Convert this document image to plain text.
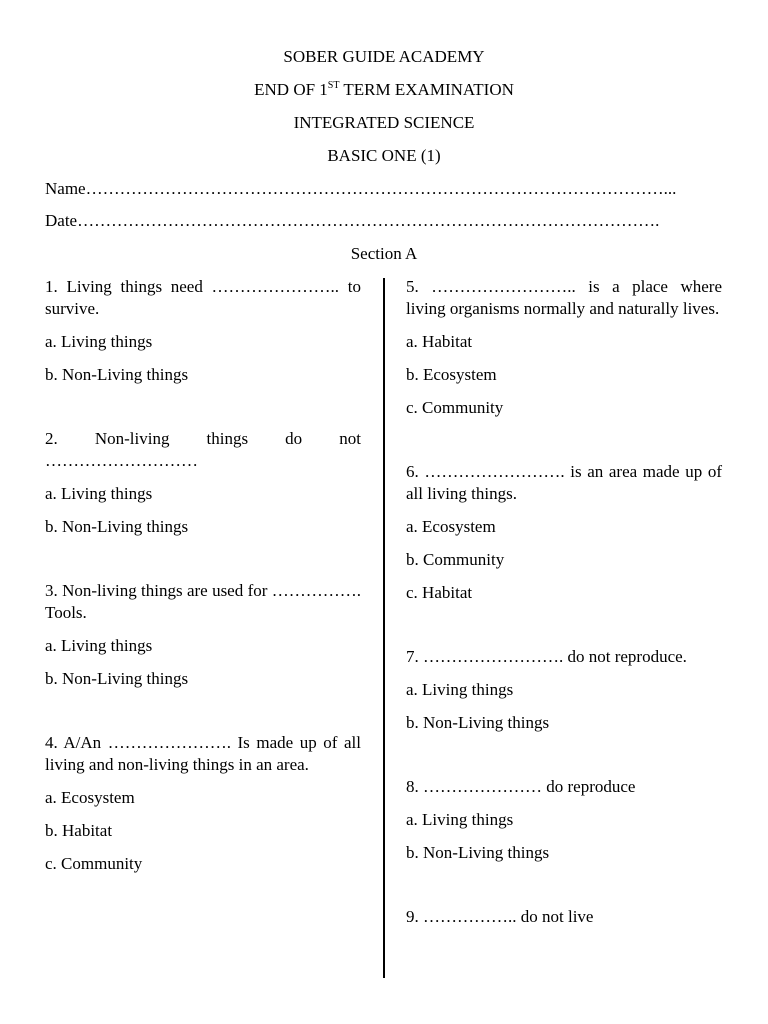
SOBER GUIDE ACADEMY

END OF 1ST TERM EXAMINATION

INTEGRATED SCIENCE

BASIC ONE (1)

Name…………………………………………………………………………………………...

Date………………………………………………………………………………………….

Section A

1. Living things need ………………….. to survive.

a. Living things

b. Non-Living things

2. Non-living things do not ………………………

a. Living things

b. Non-Living things

3. Non-living things are used for ……………. Tools.

a. Living things

b. Non-Living things

4. A/An …………………. Is made up of all living and non-living things in an area.

a. Ecosystem

b. Habitat

c. Community

5. …………………….. is a place where living organisms normally and naturally lives.

a. Habitat

b. Ecosystem

c. Community

6. ……………………. is an area made up of all living things.

a. Ecosystem

b. Community

c. Habitat

7. ……………………. do not reproduce.

a. Living things

b. Non-Living things

8. ………………… do reproduce

a. Living things

b. Non-Living things

9. …………….. do not live
